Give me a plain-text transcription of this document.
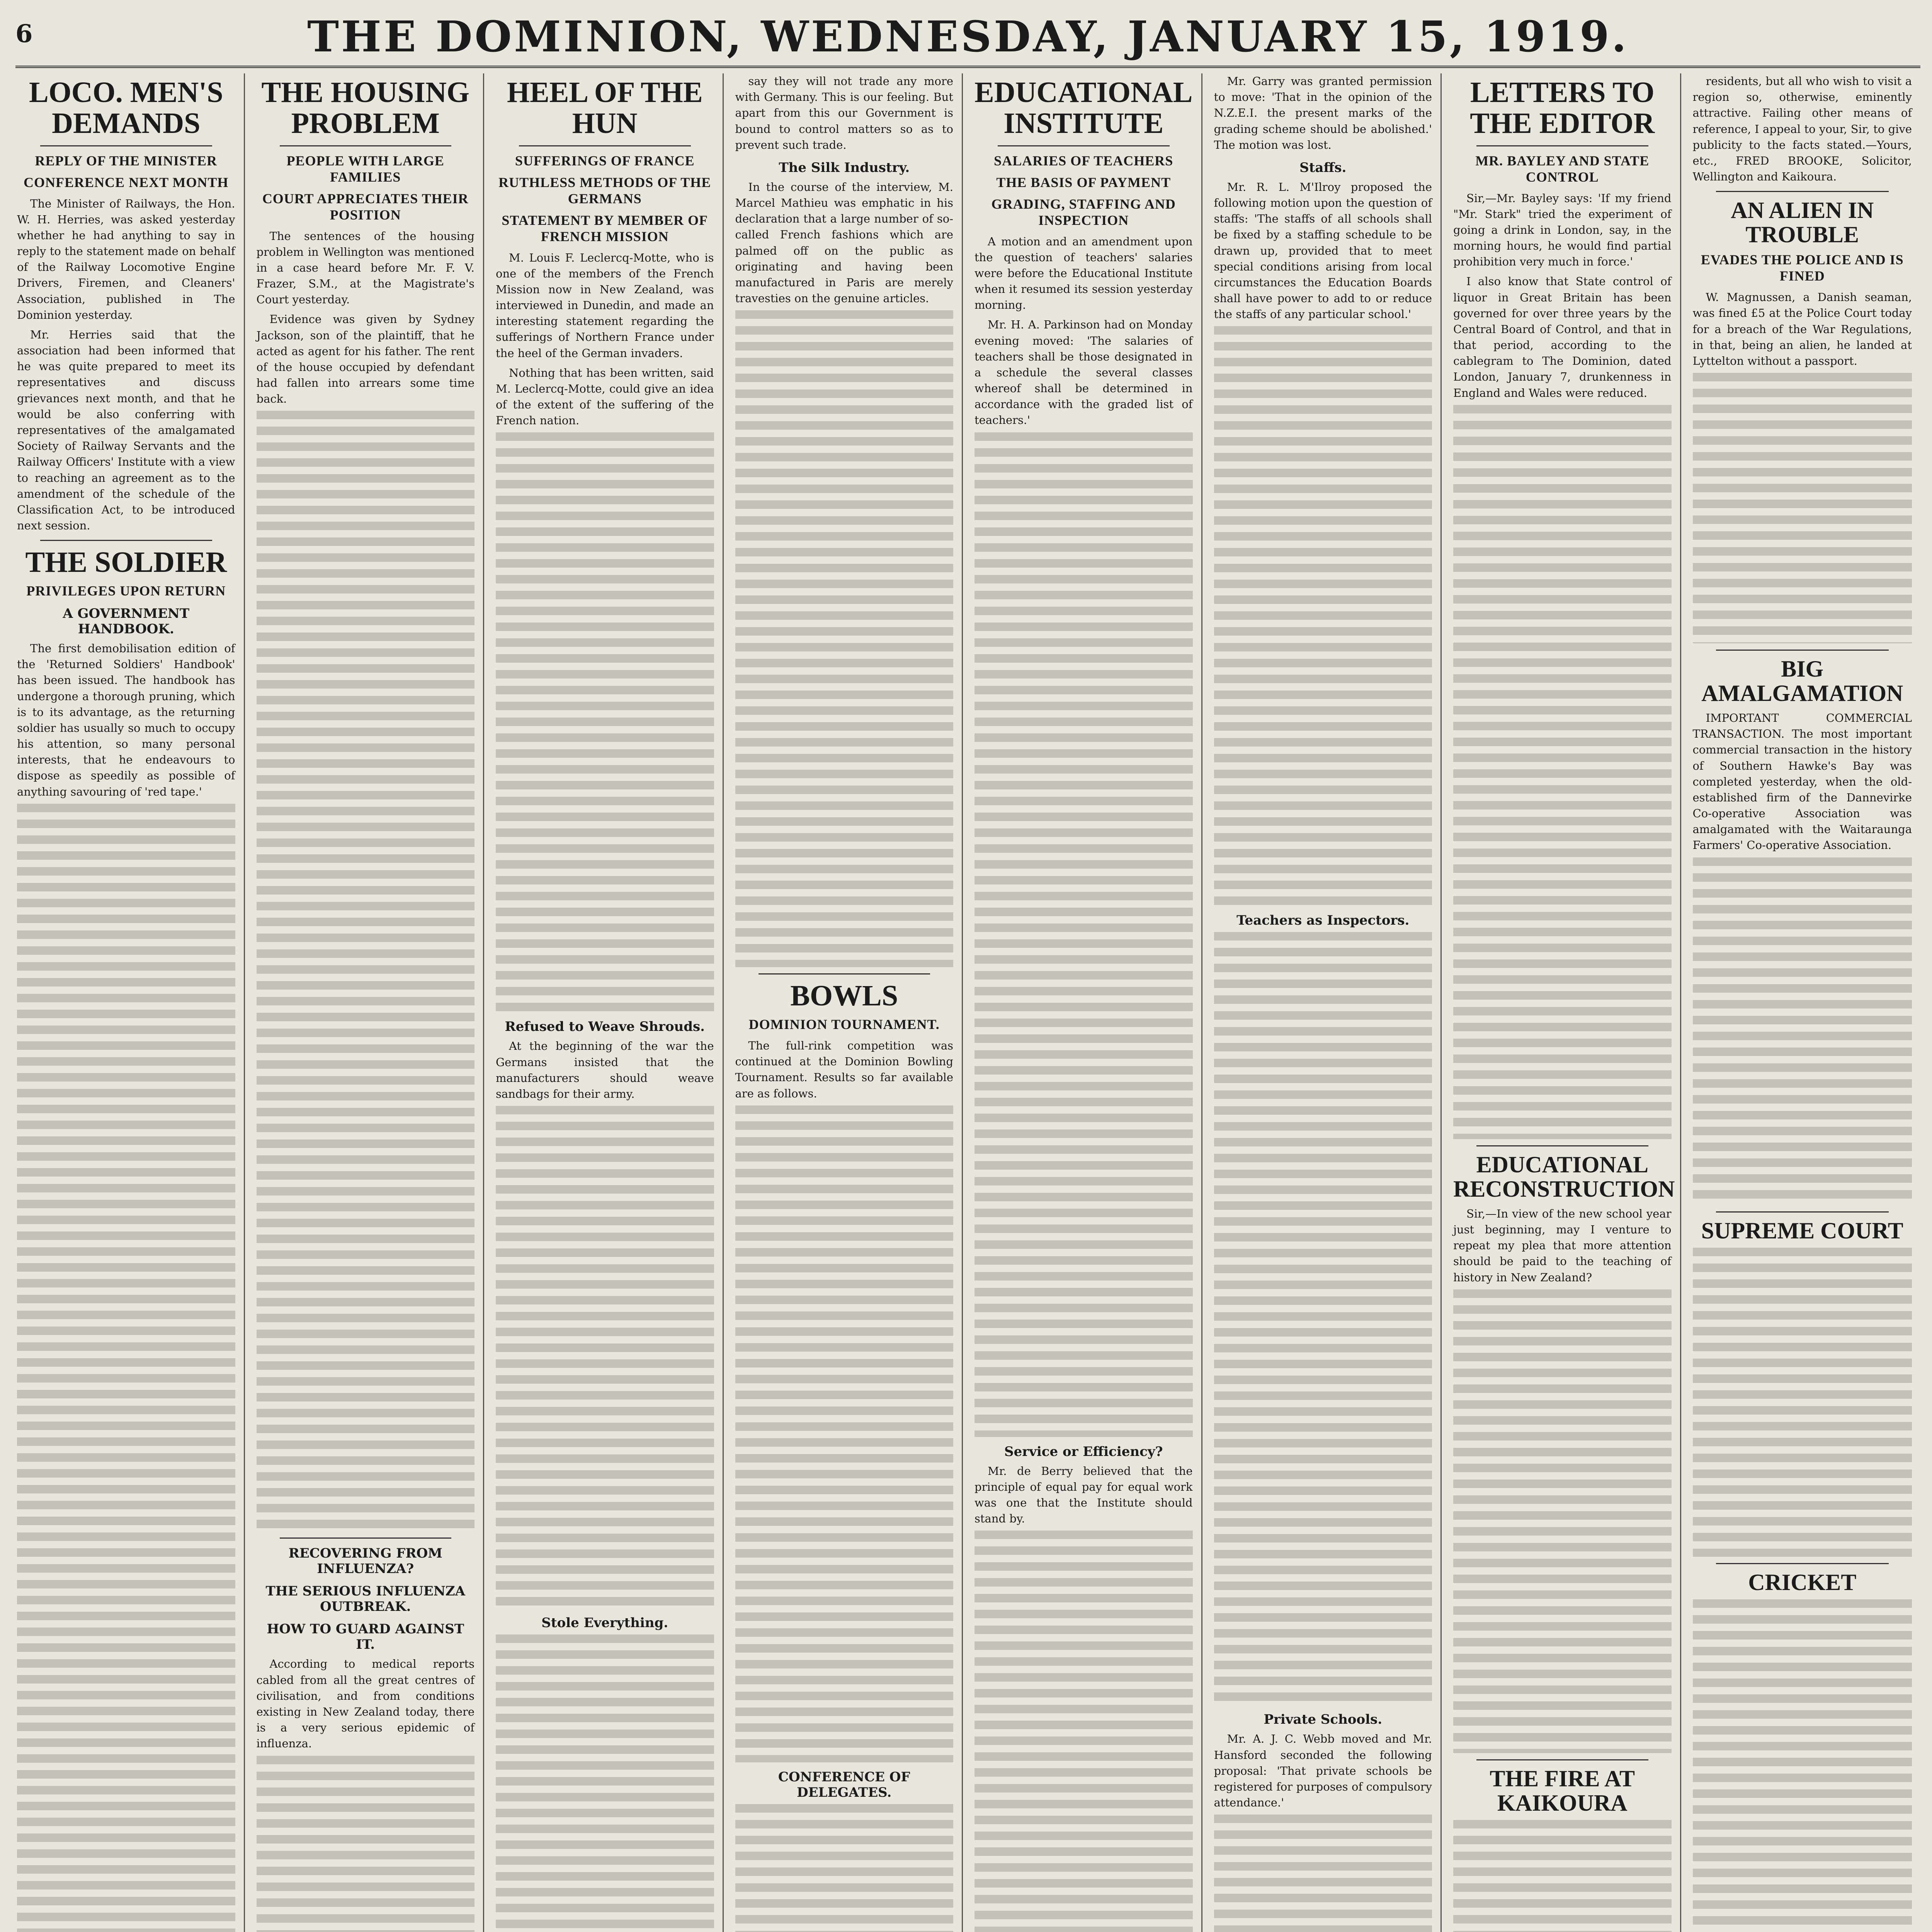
6	THE DOMINION, WEDNESDAY, JANUARY 15, 1919.
LOCO. MEN'S DEMANDS
REPLY OF THE MINISTER
CONFERENCE NEXT MONTH

The Minister of Railways, the Hon. W. H. Herries, was asked yesterday whether he had anything to say in reply to the statement made on behalf of the Railway Locomotive Engine Drivers, Firemen, and Cleaners' Association, published in The Dominion yesterday.

Mr. Herries said that the association had been informed that he was quite prepared to meet its representatives and discuss grievances next month, and that he would be also conferring with representatives of the amalgamated Society of Railway Servants and the Railway Officers' Institute with a view to reaching an agreement as to the amendment of the schedule of the Classification Act, to be introduced next session.

THE SOLDIER
PRIVILEGES UPON RETURN
A GOVERNMENT HANDBOOK.

The first demobilisation edition of the 'Returned Soldiers' Handbook' has been issued. The handbook has undergone a thorough pruning, which is to its advantage, as the returning soldier has usually so much to occupy his attention, so many personal interests, that he endeavours to dispose as speedily as possible of anything savouring of 'red tape.'

THE HOUSING PROBLEM
PEOPLE WITH LARGE FAMILIES
COURT APPRECIATES THEIR POSITION

The sentences of the housing problem in Wellington was mentioned in a case heard before Mr. F. V. Frazer, S.M., at the Magistrate's Court yesterday.

Evidence was given by Sydney Jackson, son of the plaintiff, that he acted as agent for his father. The rent of the house occupied by defendant had fallen into arrears some time back.

RECOVERING FROM INFLUENZA?
THE SERIOUS INFLUENZA OUTBREAK.
HOW TO GUARD AGAINST IT.

According to medical reports cabled from all the great centres of civilisation, and from conditions existing in New Zealand today, there is a very serious epidemic of influenza.

HEEL OF THE HUN
SUFFERINGS OF FRANCE
RUTHLESS METHODS OF THE GERMANS
STATEMENT BY MEMBER OF FRENCH MISSION

M. Louis F. Leclercq-Motte, who is one of the members of the French Mission now in New Zealand, was interviewed in Dunedin, and made an interesting statement regarding the sufferings of Northern France under the heel of the German invaders.

Nothing that has been written, said M. Leclercq-Motte, could give an idea of the extent of the suffering of the French nation.

Refused to Weave Shrouds.

At the beginning of the war the Germans insisted that the manufacturers should weave sandbags for their army.

Stole Everything.

say they will not trade any more with Germany. This is our feeling. But apart from this our Government is bound to control matters so as to prevent such trade.

The Silk Industry.

In the course of the interview, M. Marcel Mathieu was emphatic in his declaration that a large number of so-called French fashions which are palmed off on the public as originating and having been manufactured in Paris are merely travesties on the genuine articles.

BOWLS
DOMINION TOURNAMENT.

The full-rink competition was continued at the Dominion Bowling Tournament. Results so far available are as follows.

CONFERENCE OF DELEGATES.
EDUCATIONAL INSTITUTE
SALARIES OF TEACHERS
THE BASIS OF PAYMENT
GRADING, STAFFING AND INSPECTION

A motion and an amendment upon the question of teachers' salaries were before the Educational Institute when it resumed its session yesterday morning.

Mr. H. A. Parkinson had on Monday evening moved: 'The salaries of teachers shall be those designated in a schedule the several classes whereof shall be determined in accordance with the graded list of teachers.'

Service or Efficiency?

Mr. de Berry believed that the principle of equal pay for equal work was one that the Institute should stand by.

Mr. Garry was granted permission to move: 'That in the opinion of the N.Z.E.I. the present marks of the grading scheme should be abolished.' The motion was lost.

Staffs.

Mr. R. L. M'Ilroy proposed the following motion upon the question of staffs: 'The staffs of all schools shall be fixed by a staffing schedule to be drawn up, provided that to meet special conditions arising from local circumstances the Education Boards shall have power to add to or reduce the staffs of any particular school.'

Teachers as Inspectors.
Private Schools.

Mr. A. J. C. Webb moved and Mr. Hansford seconded the following proposal: 'That private schools be registered for purposes of compulsory attendance.'

LETTERS TO THE EDITOR
MR. BAYLEY AND STATE CONTROL

Sir,—Mr. Bayley says: 'If my friend "Mr. Stark" tried the experiment of going a drink in London, say, in the morning hours, he would find partial prohibition very much in force.'

I also know that State control of liquor in Great Britain has been governed for over three years by the Central Board of Control, and that in that period, according to the cablegram to The Dominion, dated London, January 7, drunkenness in England and Wales were reduced.

EDUCATIONAL RECONSTRUCTION

Sir,—In view of the new school year just beginning, may I venture to repeat my plea that more attention should be paid to the teaching of history in New Zealand?

THE FIRE AT KAIKOURA

residents, but all who wish to visit a region so, otherwise, eminently attractive. Failing other means of reference, I appeal to your, Sir, to give publicity to the facts stated.—Yours, etc., FRED BROOKE, Solicitor, Wellington and Kaikoura.

AN ALIEN IN TROUBLE
EVADES THE POLICE AND IS FINED

W. Magnussen, a Danish seaman, was fined £5 at the Police Court today for a breach of the War Regulations, in that, being an alien, he landed at Lyttelton without a passport.

BIG AMALGAMATION

IMPORTANT COMMERCIAL TRANSACTION. The most important commercial transaction in the history of Southern Hawke's Bay was completed yesterday, when the old-established firm of the Dannevirke Co-operative Association was amalgamated with the Waitaraunga Farmers' Co-operative Association.

SUPREME COURT
CRICKET
